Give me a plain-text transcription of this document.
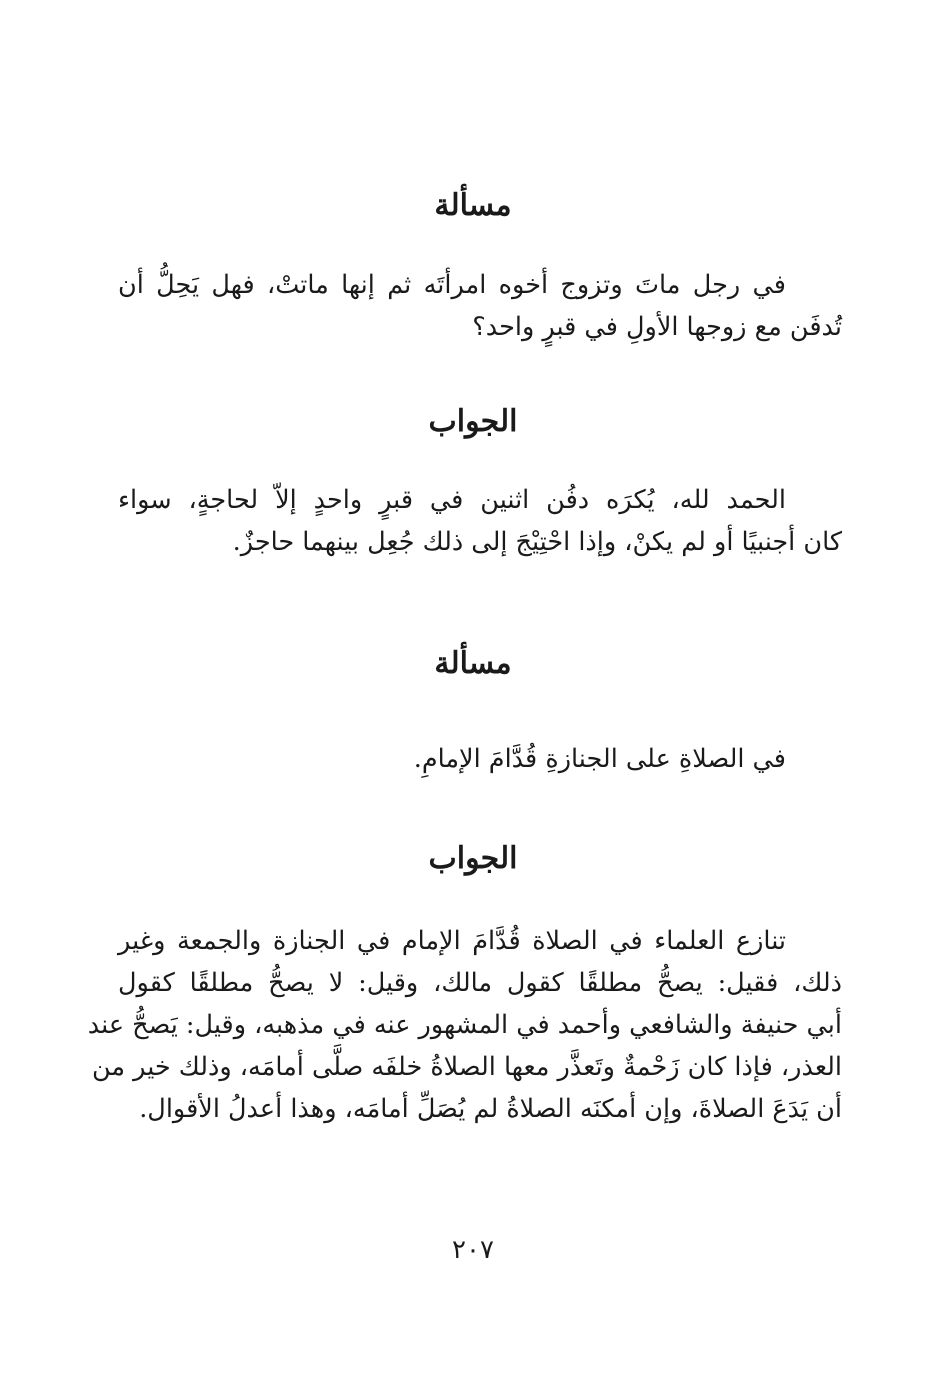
مسألة

في رجل ماتَ وتزوج أخوه امرأتَه ثم إنها ماتتْ، فهل يَحِلُّ أن
تُدفَن مع زوجها الأولِ في قبرٍ واحد؟

الجواب

الحمد لله، يُكرَه دفُن اثنين في قبرٍ واحدٍ إلاّ لحاجةٍ، سواء
كان أجنبيًا أو لم يكنْ، وإذا احْتِيْجَ إلى ذلك جُعِل بينهما حاجزٌ.

مسألة

في الصلاةِ على الجنازةِ قُدَّامَ الإمامِ.

الجواب

تنازع العلماء في الصلاة قُدَّامَ الإمام في الجنازة والجمعة وغير
ذلك، فقيل: يصحُّ مطلقًا كقول مالك، وقيل: لا يصحُّ مطلقًا كقول
أبي حنيفة والشافعي وأحمد في المشهور عنه في مذهبه، وقيل: يَصحُّ عند
العذر، فإذا كان زَحْمةٌ وتَعذَّر معها الصلاةُ خلفَه صلَّى أمامَه، وذلك خير من
أن يَدَعَ الصلاةَ، وإن أمكنَه الصلاةُ لم يُصَلِّ أمامَه، وهذا أعدلُ الأقوال.

٢٠٧
